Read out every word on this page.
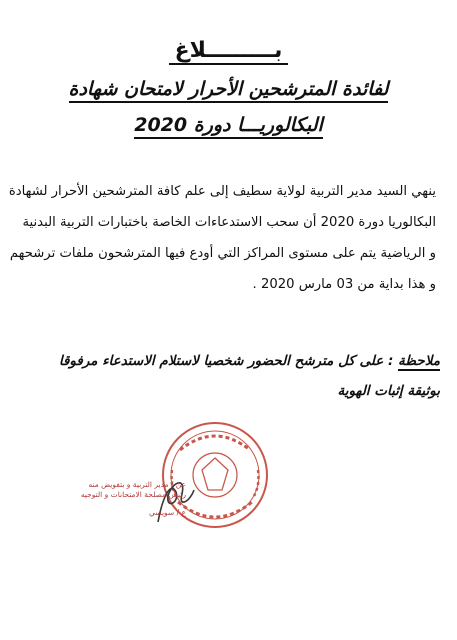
بـــــــــلاغ
لفائدة المترشحين الأحرار لامتحان شهادة
البكالوريـــا دورة 2020
ينهي السيد مدير التربية لولاية سطيف إلى علم كافة المترشحين الأحرار لشهادة
البكالوريا دورة 2020 أن سحب الاستدعاءات الخاصة باختبارات التربية البدنية
و الرياضية يتم على مستوى المراكز التي أودع فيها المترشحون ملفات ترشحهم
و هذا بداية من 03 مارس 2020 .
ملاحظة : على كل مترشح الحضور شخصيا لاستلام الاستدعاء مرفوقا
بوثيقة إثبات الهوية
عن / مدير التربية و بتفويض منه
رئيس مصلحة الامتحانات و التوجيه
ع / سويسي
